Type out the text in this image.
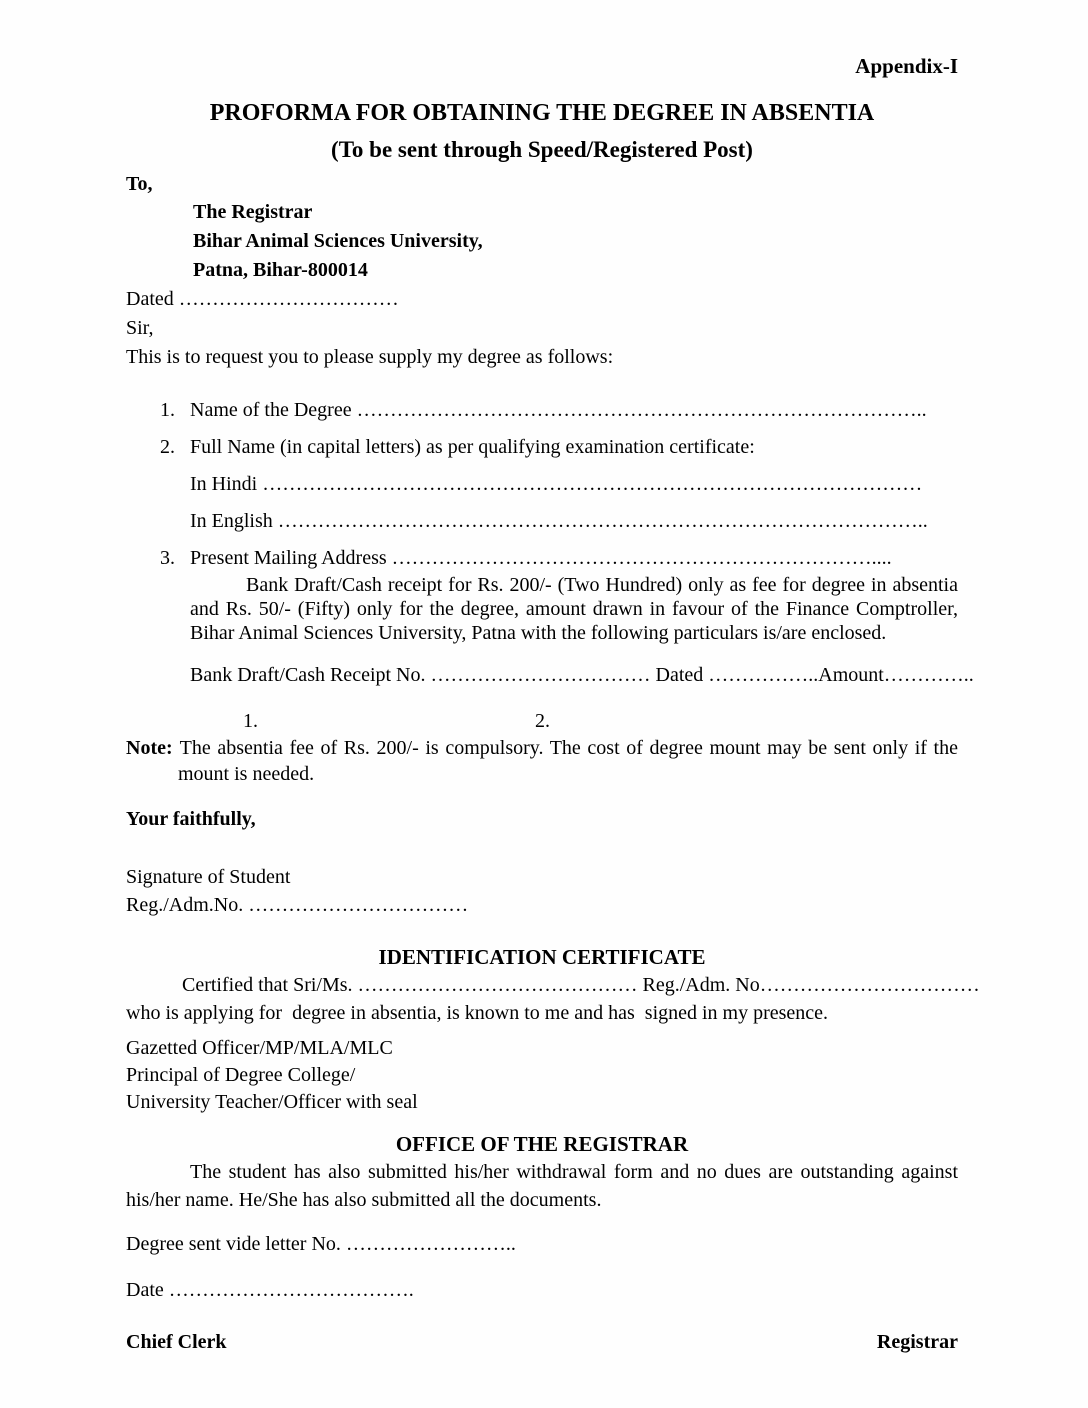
Appendix-I
PROFORMA FOR OBTAINING THE DEGREE IN ABSENTIA
(To be sent through Speed/Registered Post)
To,
The Registrar
Bihar Animal Sciences University,
Patna, Bihar-800014
Dated ……………………………
Sir,
This is to request you to please supply my degree as follows:
1. Name of the Degree …………………………………………………………………………..
2. Full Name (in capital letters) as per qualifying examination certificate:
In Hindi ………………………………………………………………………………………
In English ……………………………………………………………………………………..
3. Present Mailing Address ………………………………………………………………....
Bank Draft/Cash receipt for Rs. 200/- (Two Hundred) only as fee for degree in absentia and Rs. 50/- (Fifty) only for the degree, amount drawn in favour of the Finance Comptroller, Bihar Animal Sciences University, Patna with the following particulars is/are enclosed.
Bank Draft/Cash Receipt No. …………………………… Dated ……………..Amount…………..
1.	2.
Note: The absentia fee of Rs. 200/- is compulsory. The cost of degree mount may be sent only if the mount is needed.
Your faithfully,
Signature of Student
Reg./Adm.No. ……………………………
IDENTIFICATION CERTIFICATE
Certified that Sri/Ms. …………………………………… Reg./Adm. No……………………………
who is applying for  degree in absentia, is known to me and has  signed in my presence.
Gazetted Officer/MP/MLA/MLC
Principal of Degree College/
University Teacher/Officer with seal
OFFICE OF THE REGISTRAR
The student has also submitted his/her withdrawal form and no dues are outstanding against his/her name. He/She has also submitted all the documents.
Degree sent vide letter No. ……………………..
Date ……………………………….
Chief Clerk	Registrar
